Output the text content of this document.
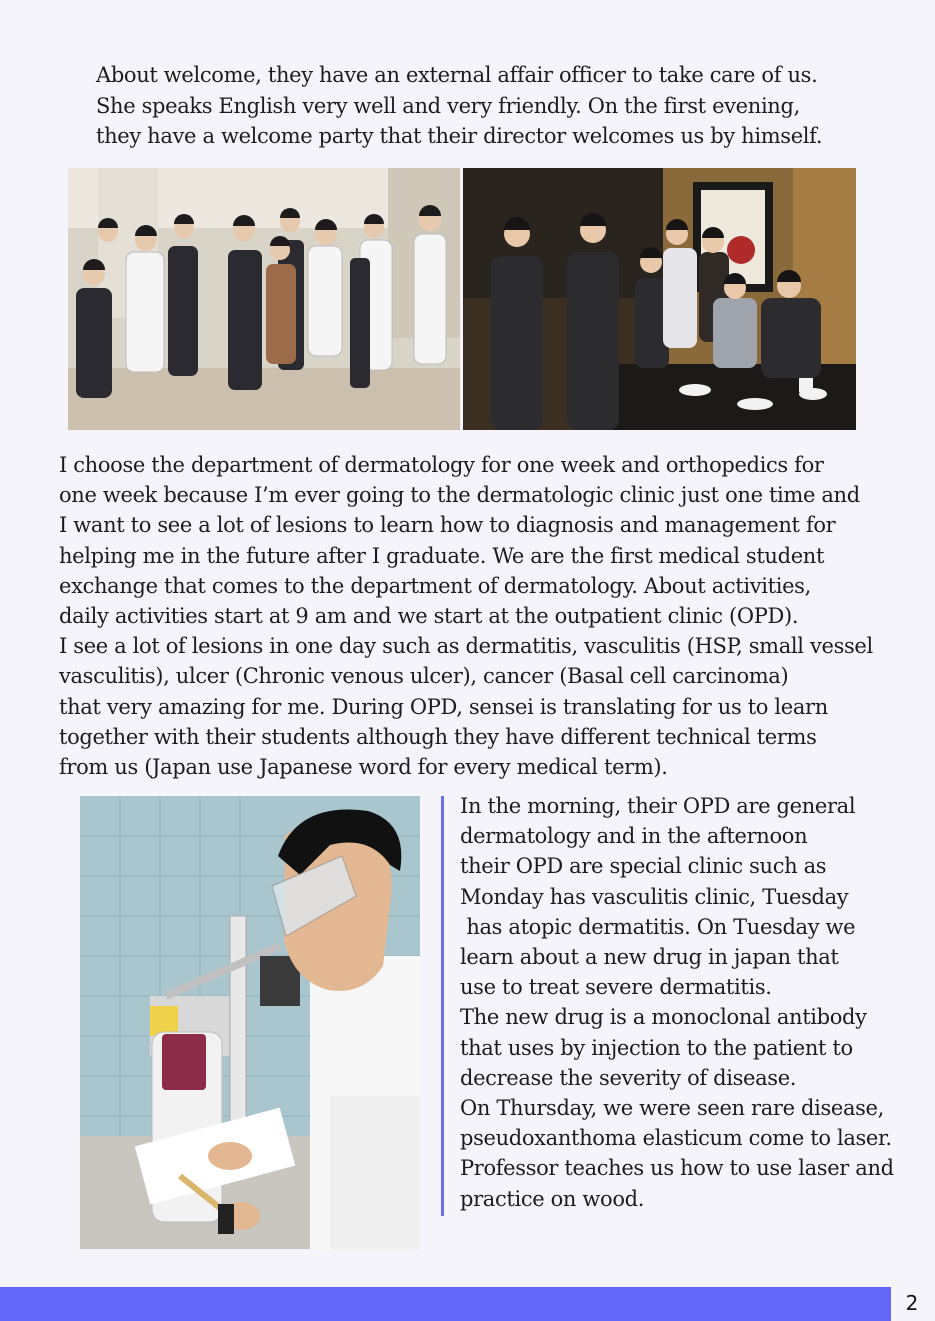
About welcome, they have an external affair officer to take care of us.

She speaks English very well and very friendly. On the first evening,

they have a welcome party that their director welcomes us by himself.

I choose the department of dermatology for one week and orthopedics for

one week because I’m ever going to the dermatologic clinic just one time and

I want to see a lot of lesions to learn how to diagnosis and management for

helping me in the future after I graduate. We are the first medical student

exchange that comes to the department of dermatology. About activities,

daily activities start at 9 am and we start at the outpatient clinic (OPD).

I see a lot of lesions in one day such as dermatitis, vasculitis (HSP, small vessel

vasculitis), ulcer (Chronic venous ulcer), cancer (Basal cell carcinoma)

that very amazing for me. During OPD, sensei is translating for us to learn

together with their students although they have different technical terms

from us (Japan use Japanese word for every medical term).

In the morning, their OPD are general

dermatology and in the afternoon

their OPD are special clinic such as

Monday has vasculitis clinic, Tuesday

has atopic dermatitis. On Tuesday we

learn about a new drug in japan that

use to treat severe dermatitis.

The new drug is a monoclonal antibody

that uses by injection to the patient to

decrease the severity of disease.

On Thursday, we were seen rare disease,

pseudoxanthoma elasticum come to laser.

Professor teaches us how to use laser and

practice on wood.

2
